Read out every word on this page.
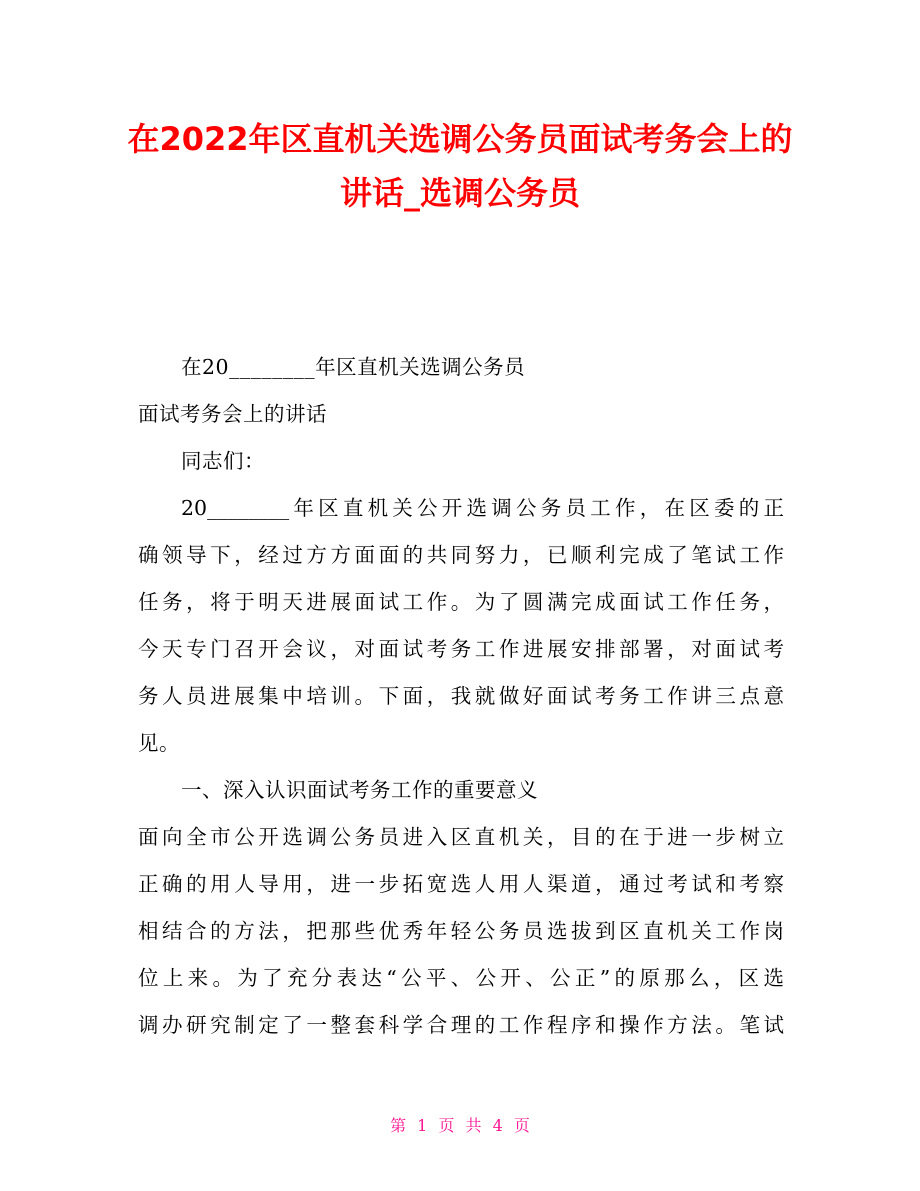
在2022年区直机关选调公务员面试考务会上的
讲话_选调公务员
在20________年区直机关选调公务员
面试考务会上的讲话
同志们：
20________年区直机关公开选调公务员工作，在区委的正
确领导下，经过方方面面的共同努力，已顺利完成了笔试工作
任务，将于明天进展面试工作。为了圆满完成面试工作任务，
今天专门召开会议，对面试考务工作进展安排部署，对面试考
务人员进展集中培训。下面，我就做好面试考务工作讲三点意
见。
一、深入认识面试考务工作的重要意义
面向全市公开选调公务员进入区直机关，目的在于进一步树立
正确的用人导用，进一步拓宽选人用人渠道，通过考试和考察
相结合的方法，把那些优秀年轻公务员选拔到区直机关工作岗
位上来。为了充分表达“公平、公开、公正”的原那么，区选
调办研究制定了一整套科学合理的工作程序和操作方法。笔试
第 1 页 共 4 页
